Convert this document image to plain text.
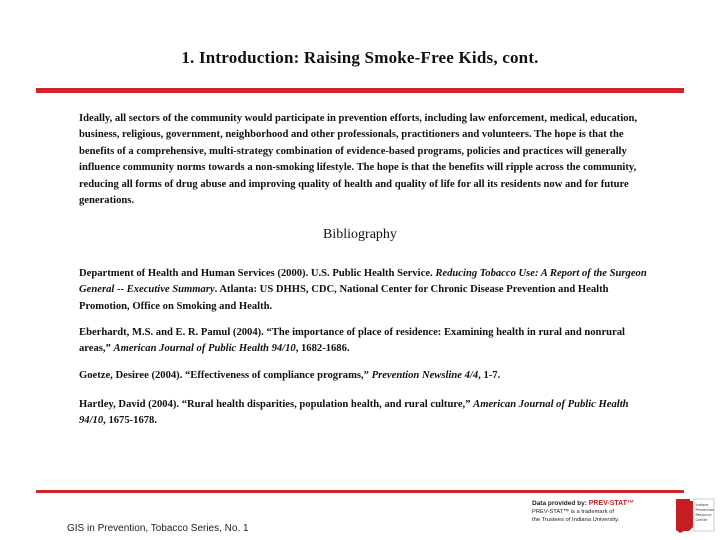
1. Introduction: Raising Smoke-Free Kids, cont.
Ideally, all sectors of the community would participate in prevention efforts, including law enforcement, medical, education, business, religious, government, neighborhood and other professionals, practitioners and volunteers. The hope is that the benefits of a comprehensive, multi-strategy combination of evidence-based programs, policies and practices will generally influence community norms towards a non-smoking lifestyle. The hope is that the benefits will ripple across the community, reducing all forms of drug abuse and improving quality of health and quality of life for all its residents now and for future generations.
Bibliography
Department of Health and Human Services (2000). U.S. Public Health Service. Reducing Tobacco Use: A Report of the Surgeon General -- Executive Summary. Atlanta: US DHHS, CDC, National Center for Chronic Disease Prevention and Health Promotion, Office on Smoking and Health.
Eberhardt, M.S. and E. R. Pamul (2004). “The importance of place of residence: Examining health in rural and nonrural areas,” American Journal of Public Health 94/10, 1682-1686.
Goetze, Desiree (2004). “Effectiveness of compliance programs,” Prevention Newsline 4/4, 1-7.
Hartley, David (2004). “Rural health disparities, population health, and rural culture,” American Journal of Public Health 94/10, 1675-1678.
GIS in Prevention, Tobacco Series, No. 1
Data provided by: PREV-STAT™
PREV-STAT™ is a trademark of
the Trustees of Indiana University.
Indiana
Prevention
Resource
Center
